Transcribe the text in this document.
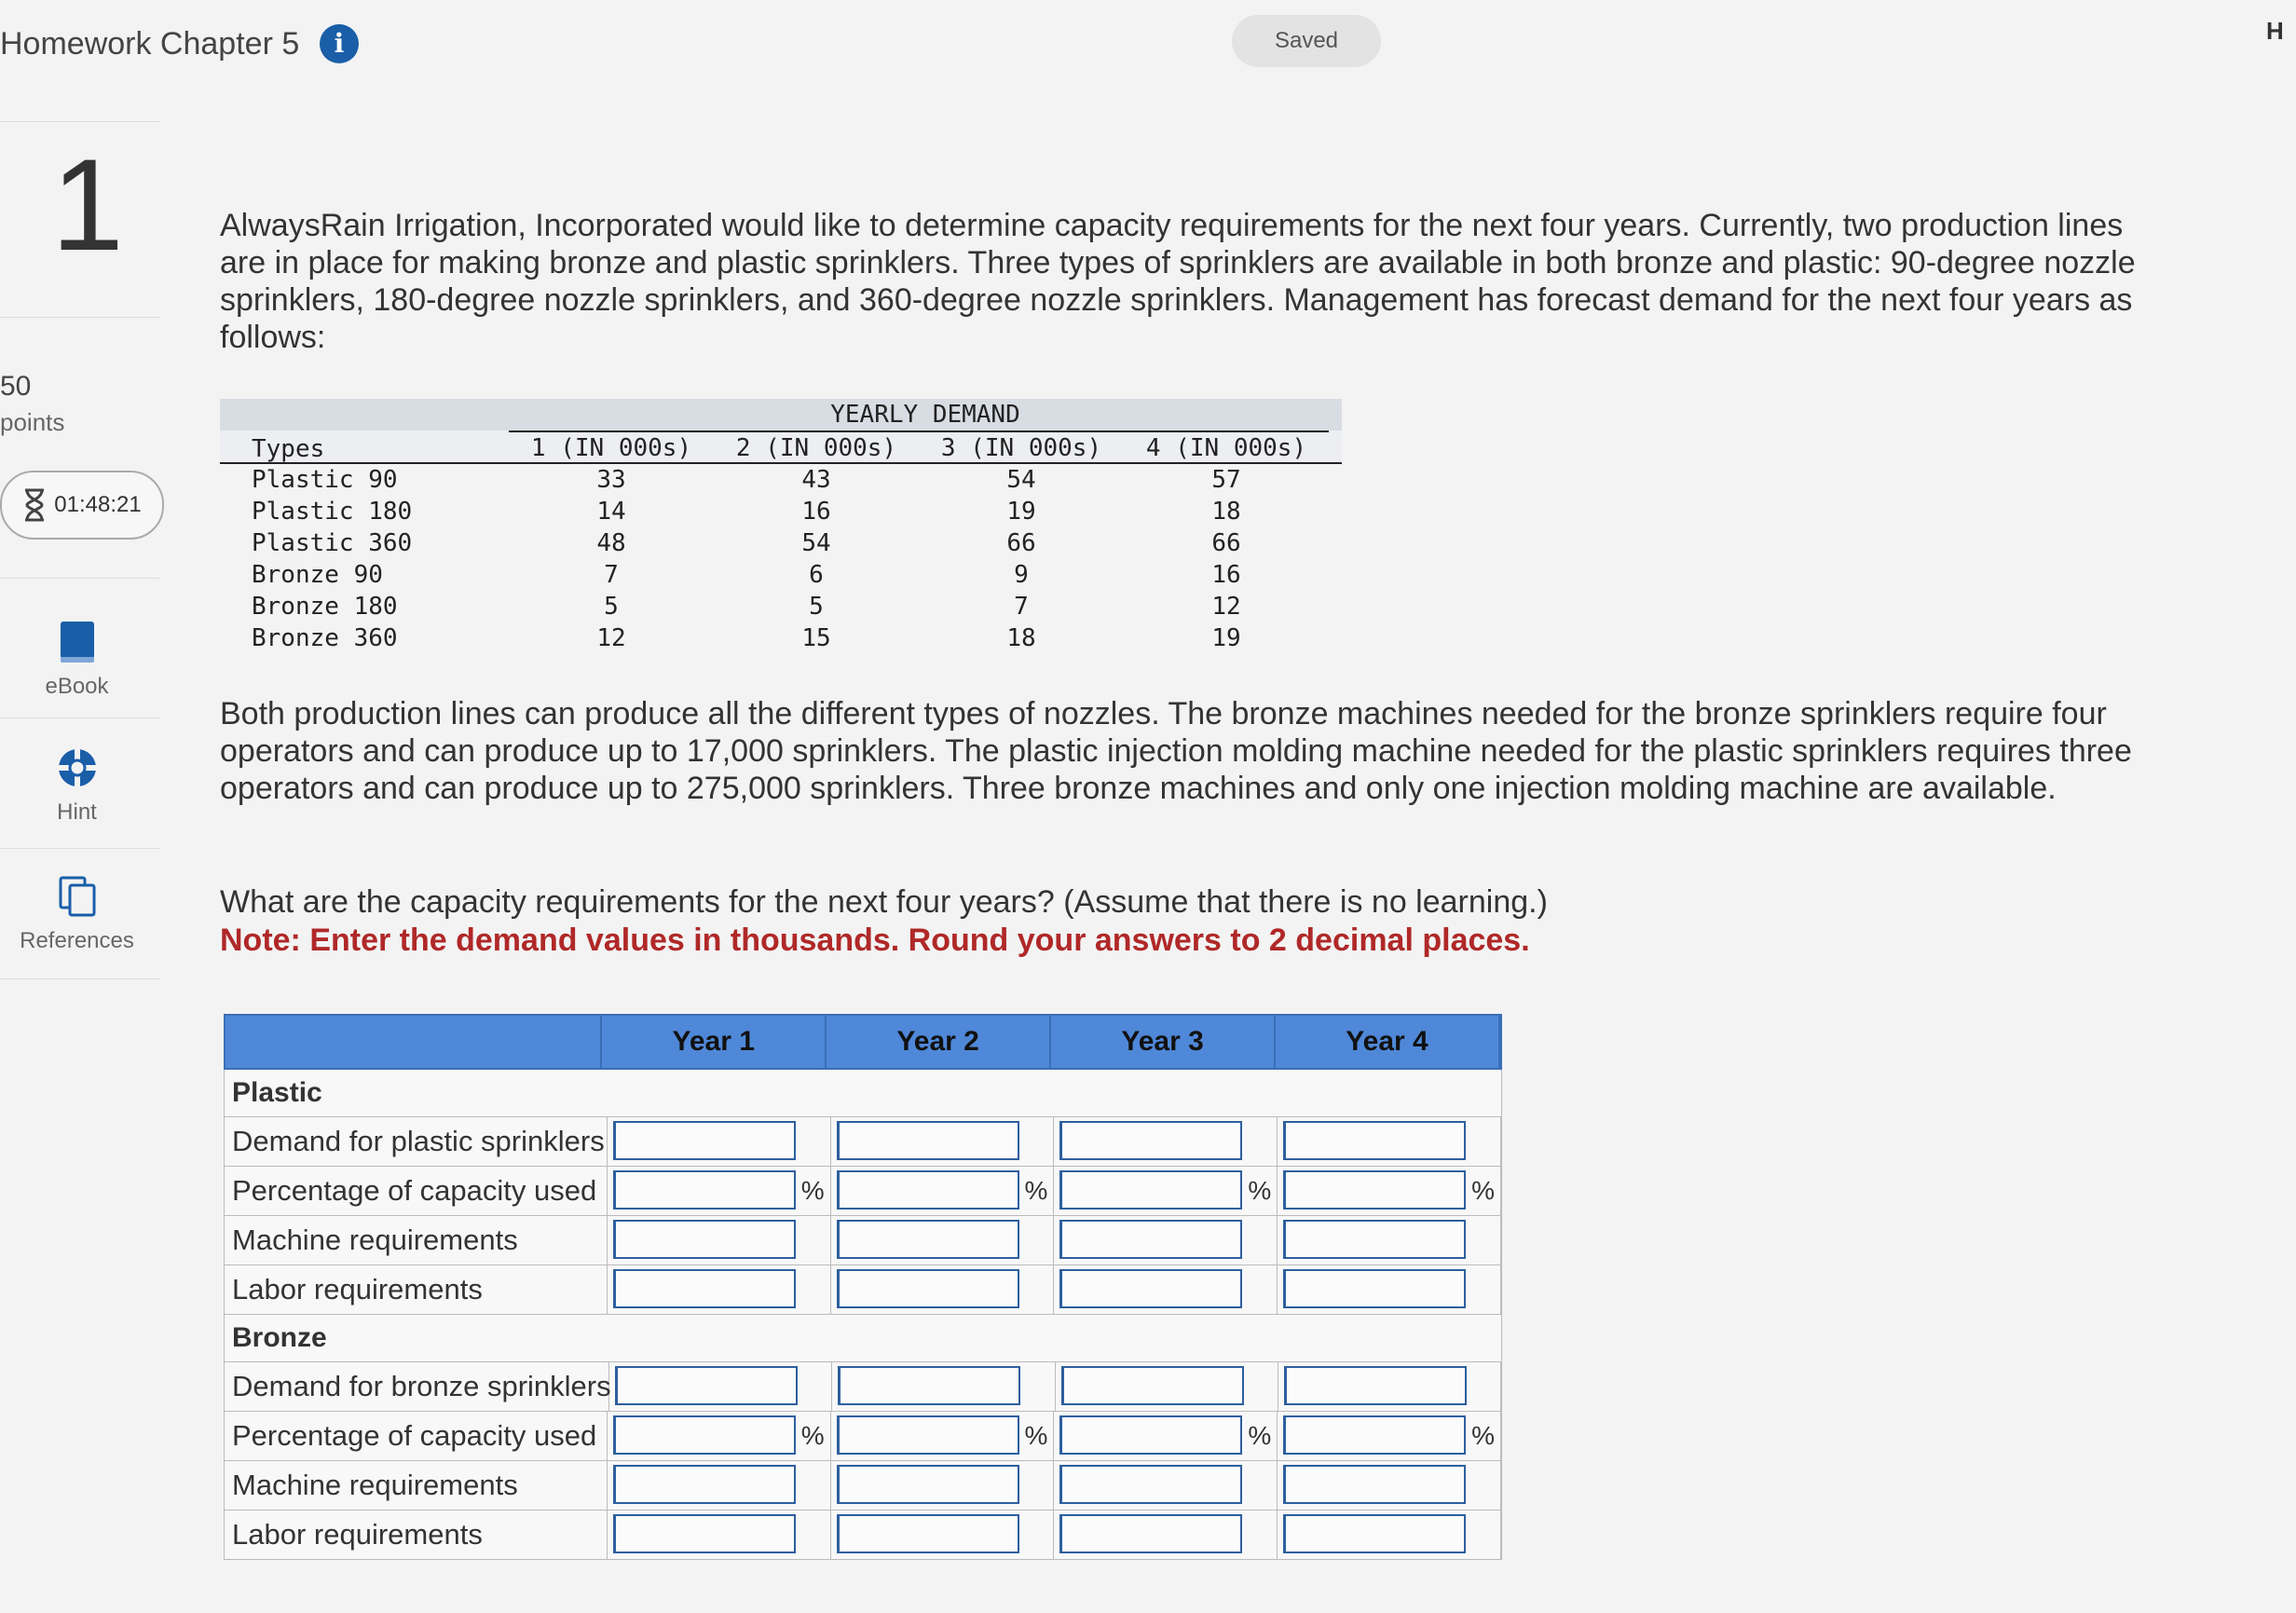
Homework Chapter 5	i	Saved	H
1
50
points
01:48:21
eBook
Hint
References
AlwaysRain Irrigation, Incorporated would like to determine capacity requirements for the next four years. Currently, two production lines are in place for making bronze and plastic sprinklers. Three types of sprinklers are available in both bronze and plastic: 90-degree nozzle sprinklers, 180-degree nozzle sprinklers, and 360-degree nozzle sprinklers. Management has forecast demand for the next four years as follows:
YEARLY DEMAND
Types	1 (IN 000s)	2 (IN 000s)	3 (IN 000s)	4 (IN 000s)
Plastic 90	33	43	54	57
Plastic 180	14	16	19	18
Plastic 360	48	54	66	66
Bronze 90	7	6	9	16
Bronze 180	5	5	7	12
Bronze 360	12	15	18	19
Both production lines can produce all the different types of nozzles. The bronze machines needed for the bronze sprinklers require four operators and can produce up to 17,000 sprinklers. The plastic injection molding machine needed for the plastic sprinklers requires three operators and can produce up to 275,000 sprinklers. Three bronze machines and only one injection molding machine are available.
What are the capacity requirements for the next four years? (Assume that there is no learning.)
Note: Enter the demand values in thousands. Round your answers to 2 decimal places.
Year 1	Year 2	Year 3	Year 4
Plastic
Demand for plastic sprinklers
Percentage of capacity used	%	%	%	%
Machine requirements
Labor requirements
Bronze
Demand for bronze sprinklers
Percentage of capacity used	%	%	%	%
Machine requirements
Labor requirements
